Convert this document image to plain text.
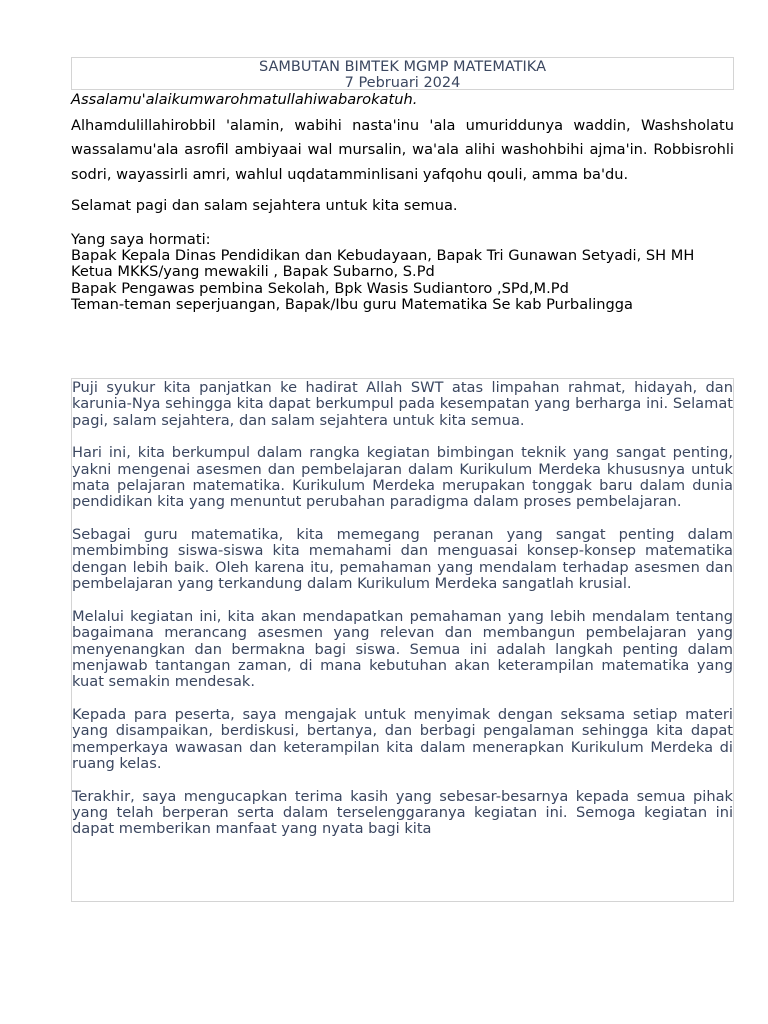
SAMBUTAN BIMTEK MGMP MATEMATIKA
7 Pebruari 2024
Assalamu'alaikumwarohmatullahiwabarokatuh.
Alhamdulillahirobbil 'alamin, wabihi nasta'inu 'ala umuriddunya waddin, Washsholatu wassalamu'ala asrofil ambiyaai wal mursalin, wa'ala alihi washohbihi ajma'in. Robbisrohli sodri, wayassirli amri, wahlul uqdatamminlisani yafqohu qouli, amma ba'du.
Selamat pagi dan salam sejahtera untuk kita semua.
Yang saya hormati:
Bapak Kepala Dinas Pendidikan dan Kebudayaan, Bapak Tri Gunawan Setyadi, SH MH
Ketua MKKS/yang mewakili , Bapak Subarno, S.Pd
Bapak Pengawas pembina Sekolah, Bpk Wasis Sudiantoro ,SPd,M.Pd
Teman-teman seperjuangan, Bapak/Ibu guru Matematika Se kab Purbalingga

Puji syukur kita panjatkan ke hadirat Allah SWT atas limpahan rahmat, hidayah, dan karunia-Nya sehingga kita dapat berkumpul pada kesempatan yang berharga ini. Selamat pagi, salam sejahtera, dan salam sejahtera untuk kita semua.

Hari ini, kita berkumpul dalam rangka kegiatan bimbingan teknik yang sangat penting, yakni mengenai asesmen dan pembelajaran dalam Kurikulum Merdeka khususnya untuk mata pelajaran matematika. Kurikulum Merdeka merupakan tonggak baru dalam dunia pendidikan kita yang menuntut perubahan paradigma dalam proses pembelajaran.

Sebagai guru matematika, kita memegang peranan yang sangat penting dalam membimbing siswa-siswa kita memahami dan menguasai konsep-konsep matematika dengan lebih baik. Oleh karena itu, pemahaman yang mendalam terhadap asesmen dan pembelajaran yang terkandung dalam Kurikulum Merdeka sangatlah krusial.

Melalui kegiatan ini, kita akan mendapatkan pemahaman yang lebih mendalam tentang bagaimana merancang asesmen yang relevan dan membangun pembelajaran yang menyenangkan dan bermakna bagi siswa. Semua ini adalah langkah penting dalam menjawab tantangan zaman, di mana kebutuhan akan keterampilan matematika yang kuat semakin mendesak.

Kepada para peserta, saya mengajak untuk menyimak dengan seksama setiap materi yang disampaikan, berdiskusi, bertanya, dan berbagi pengalaman sehingga kita dapat memperkaya wawasan dan keterampilan kita dalam menerapkan Kurikulum Merdeka di ruang kelas.

Terakhir, saya mengucapkan terima kasih yang sebesar-besarnya kepada semua pihak yang telah berperan serta dalam terselenggaranya kegiatan ini. Semoga kegiatan ini dapat memberikan manfaat yang nyata bagi kita
